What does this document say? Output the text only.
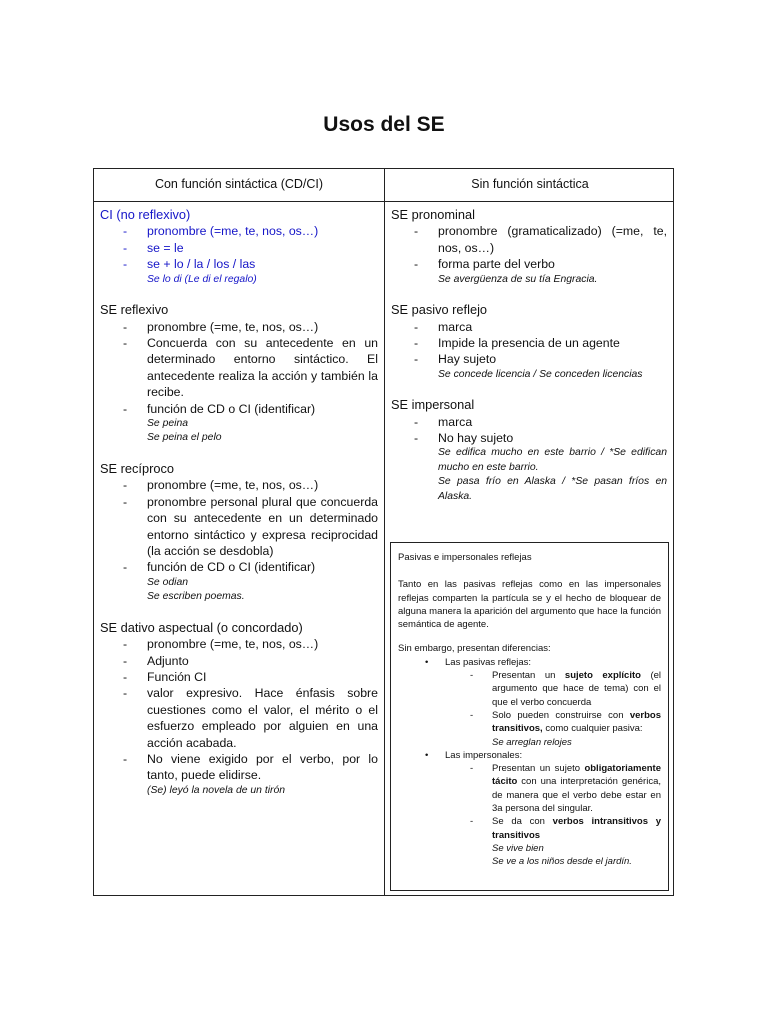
Usos del SE
Con función sintáctica (CD/CI)	Sin función sintáctica
CI (no reflexivo)
- pronombre (=me, te, nos, os…)
- se = le
- se + lo / la / los / las
Se lo di (Le di el regalo)
SE reflexivo
- pronombre (=me, te, nos, os…)
- Concuerda con su antecedente en un determinado entorno sintáctico. El antecedente realiza la acción y también la recibe.
- función de CD o CI (identificar)
Se peina
Se peina el pelo
SE recíproco
- pronombre (=me, te, nos, os…)
- pronombre personal plural que concuerda con su antecedente en un determinado entorno sintáctico y expresa reciprocidad (la acción se desdobla)
- función de CD o CI (identificar)
Se odian
Se escriben poemas.
SE dativo aspectual (o concordado)
- pronombre (=me, te, nos, os…)
- Adjunto
- Función CI
- valor expresivo. Hace énfasis sobre cuestiones como el valor, el mérito o el esfuerzo empleado por alguien en una acción acabada.
- No viene exigido por el verbo, por lo tanto, puede elidirse.
(Se) leyó la novela de un tirón
SE pronominal
- pronombre (gramaticalizado) (=me, te, nos, os…)
- forma parte del verbo
Se avergüenza de su tía Engracia.
SE pasivo reflejo
- marca
- Impide la presencia de un agente
- Hay sujeto
Se concede licencia / Se conceden licencias
SE impersonal
- marca
- No hay sujeto
Se edifica mucho en este barrio / *Se edifican mucho en este barrio.
Se pasa frío en Alaska / *Se pasan fríos en Alaska.

Pasivas e impersonales reflejas

Tanto en las pasivas reflejas como en las impersonales reflejas comparten la partícula se y el hecho de bloquear de alguna manera la aparición del argumento que hace la función semántica de agente.

Sin embargo, presentan diferencias:

• Las pasivas reflejas:
- Presentan un sujeto explícito (el argumento que hace de tema) con el que el verbo concuerda
- Solo pueden construirse con verbos transitivos, como cualquier pasiva:
Se arreglan relojes
• Las impersonales:
- Presentan un sujeto obligatoriamente tácito con una interpretación genérica, de manera que el verbo debe estar en 3a persona del singular.
- Se da con verbos intransitivos y transitivos
Se vive bien
Se ve a los niños desde el jardín.
